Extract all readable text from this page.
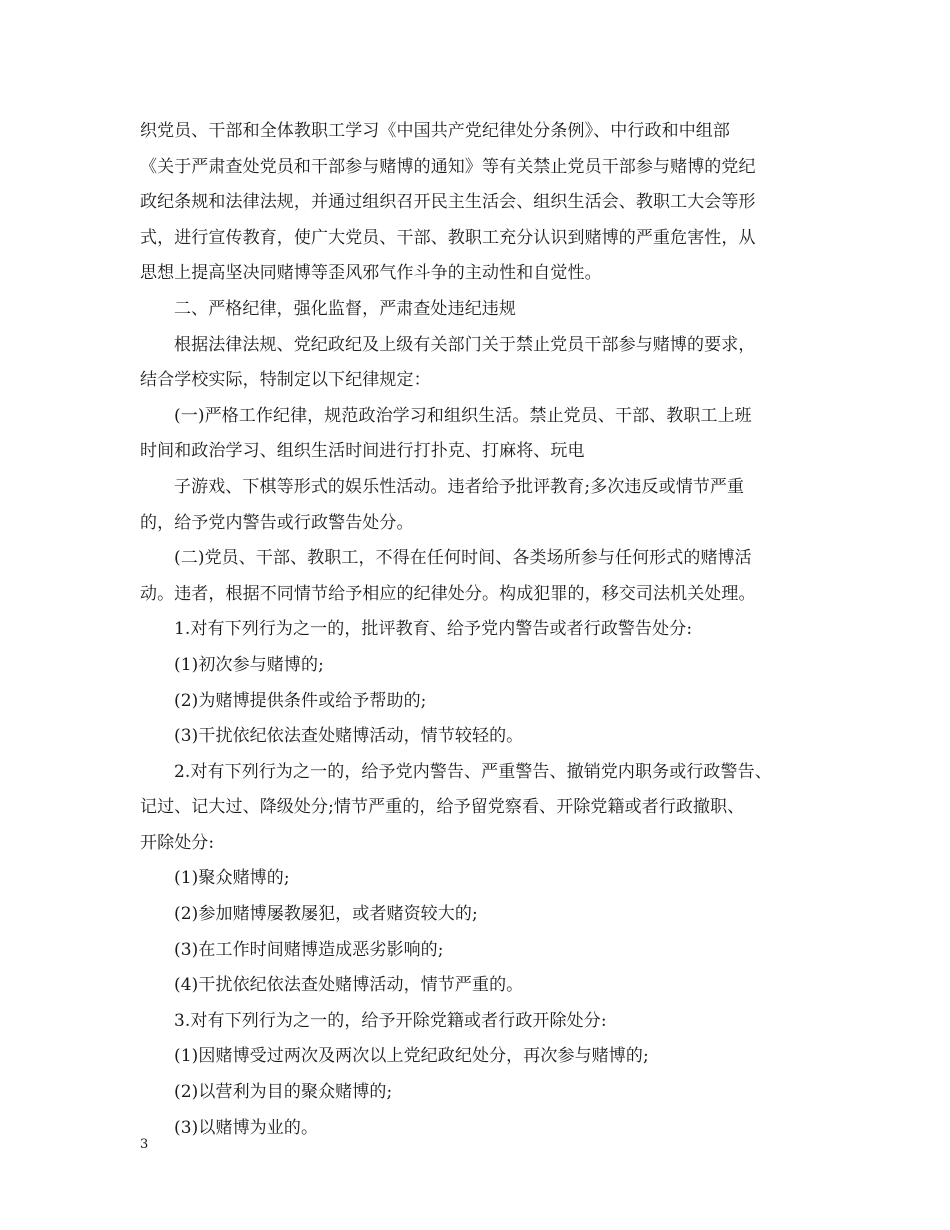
织党员、干部和全体教职工学习《中国共产党纪律处分条例》、中行政和中组部
《关于严肃查处党员和干部参与赌博的通知》等有关禁止党员干部参与赌博的党纪
政纪条规和法律法规，并通过组织召开民主生活会、组织生活会、教职工大会等形
式，进行宣传教育，使广大党员、干部、教职工充分认识到赌博的严重危害性，从
思想上提高坚决同赌博等歪风邪气作斗争的主动性和自觉性。
二、严格纪律，强化监督，严肃查处违纪违规
根据法律法规、党纪政纪及上级有关部门关于禁止党员干部参与赌博的要求，
结合学校实际，特制定以下纪律规定：
(一)严格工作纪律，规范政治学习和组织生活。禁止党员、干部、教职工上班
时间和政治学习、组织生活时间进行打扑克、打麻将、玩电
子游戏、下棋等形式的娱乐性活动。违者给予批评教育;多次违反或情节严重
的，给予党内警告或行政警告处分。
(二)党员、干部、教职工，不得在任何时间、各类场所参与任何形式的赌博活
动。违者，根据不同情节给予相应的纪律处分。构成犯罪的，移交司法机关处理。
1.对有下列行为之一的，批评教育、给予党内警告或者行政警告处分:
(1)初次参与赌博的;
(2)为赌博提供条件或给予帮助的;
(3)干扰依纪依法查处赌博活动，情节较轻的。
2.对有下列行为之一的，给予党内警告、严重警告、撤销党内职务或行政警告、
记过、记大过、降级处分;情节严重的，给予留党察看、开除党籍或者行政撤职、
开除处分:
(1)聚众赌博的;
(2)参加赌博屡教屡犯，或者赌资较大的;
(3)在工作时间赌博造成恶劣影响的;
(4)干扰依纪依法查处赌博活动，情节严重的。
3.对有下列行为之一的，给予开除党籍或者行政开除处分:
(1)因赌博受过两次及两次以上党纪政纪处分，再次参与赌博的;
(2)以营利为目的聚众赌博的;
(3)以赌博为业的。
3
